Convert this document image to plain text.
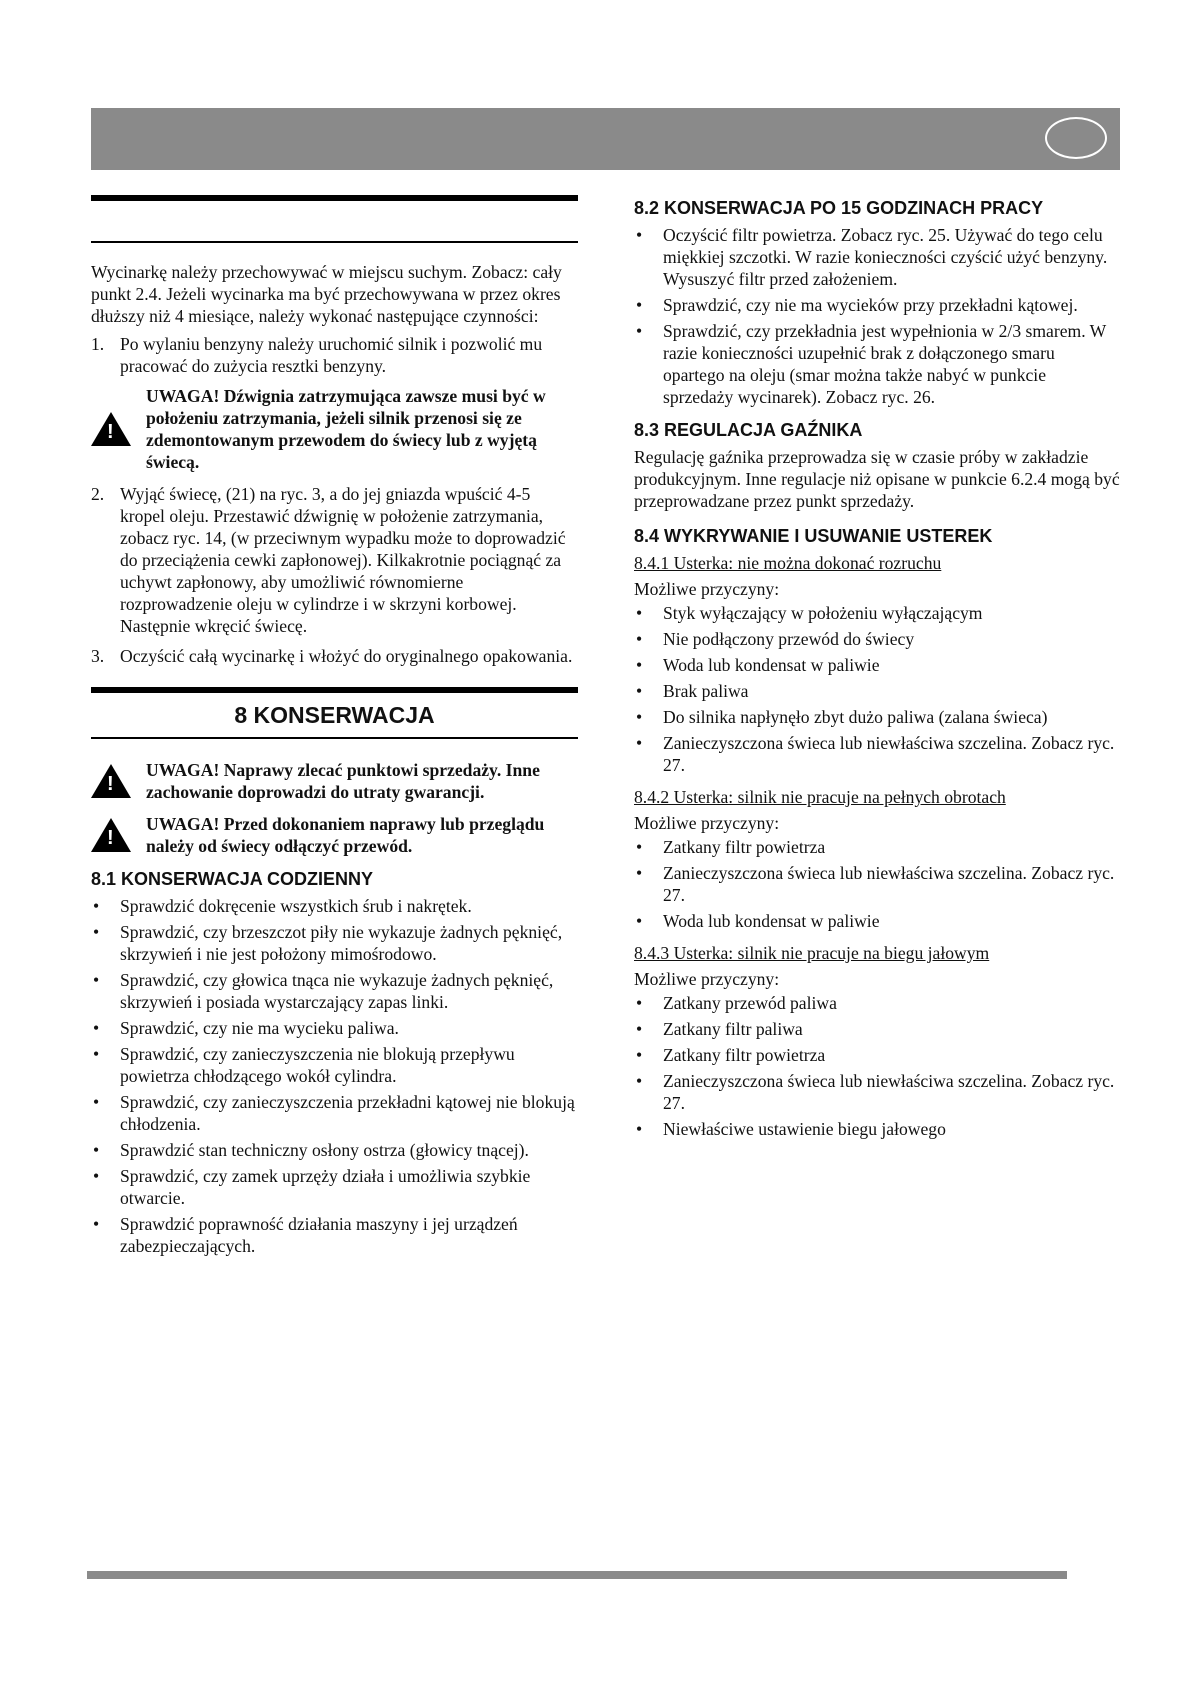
Wycinarkę należy przechowywać w miejscu suchym. Zobacz: cały punkt 2.4. Jeżeli wycinarka ma być przechowywana w przez okres dłuższy niż 4 miesiące, należy wykonać następujące czynności:

1. Po wylaniu benzyny należy uruchomić silnik i pozwolić mu pracować do zużycia resztki benzyny.
!
UWAGA! Dźwignia zatrzymująca zawsze musi być w położeniu zatrzymania, jeżeli silnik przenosi się ze zdemontowanym przewodem do świecy lub z wyjętą świecą.
2. Wyjąć świecę, (21) na ryc. 3, a do jej gniazda wpuścić 4-5 kropel oleju. Przestawić dźwignię w położenie zatrzymania, zobacz ryc. 14, (w przeciwnym wypadku może to doprowadzić do przeciążenia cewki zapłonowej). Kilkakrotnie pociągnąć za uchywt zapłonowy, aby umożliwić równomierne rozprowadzenie oleju w cylindrze i w skrzyni korbowej. Następnie wkręcić świecę.
3. Oczyścić całą wycinarkę i włożyć do oryginalnego opakowania.
8 KONSERWACJA
!
UWAGA! Naprawy zlecać punktowi sprzedaży. Inne zachowanie doprowadzi do utraty gwarancji.
!
UWAGA! Przed dokonaniem naprawy lub przeglądu należy od świecy odłączyć przewód.
8.1 KONSERWACJA CODZIENNY
• Sprawdzić dokręcenie wszystkich śrub i nakrętek.
• Sprawdzić, czy brzeszczot piły nie wykazuje żadnych pęknięć, skrzywień i nie jest położony mimośrodowo.
• Sprawdzić, czy głowica tnąca nie wykazuje żadnych pęknięć, skrzywień i posiada wystarczający zapas linki.
• Sprawdzić, czy nie ma wycieku paliwa.
• Sprawdzić, czy zanieczyszczenia nie blokują przepływu powietrza chłodzącego wokół cylindra.
• Sprawdzić, czy zanieczyszczenia przekładni kątowej nie blokują chłodzenia.
• Sprawdzić stan techniczny osłony ostrza (głowicy tnącej).
• Sprawdzić, czy zamek uprzęży działa i umożliwia szybkie otwarcie.
• Sprawdzić poprawność działania maszyny i jej urządzeń zabezpieczających.
8.2 KONSERWACJA PO 15 GODZINACH PRACY
• Oczyścić filtr powietrza. Zobacz ryc. 25. Używać do tego celu miękkiej szczotki. W razie konieczności czyścić użyć benzyny. Wysuszyć filtr przed założeniem.
• Sprawdzić, czy nie ma wycieków przy przekładni kątowej.
• Sprawdzić, czy przekładnia jest wypełnionia w 2/3 smarem. W razie konieczności uzupełnić brak z dołączonego smaru opartego na oleju (smar można także nabyć w punkcie sprzedaży wycinarek). Zobacz ryc. 26.
8.3 REGULACJA GAŹNIKA

Regulację gaźnika przeprowadza się w czasie próby w zakładzie produkcyjnym. Inne regulacje niż opisane w punkcie 6.2.4 mogą być przeprowadzane przez punkt sprzedaży.

8.4 WYKRYWANIE I USUWANIE USTEREK

8.4.1 Usterka: nie można dokonać rozruchu

Możliwe przyczyny:

• Styk wyłączający w położeniu wyłączającym
• Nie podłączony przewód do świecy
• Woda lub kondensat w paliwie
• Brak paliwa
• Do silnika napłynęło zbyt dużo paliwa (zalana świeca)
• Zanieczyszczona świeca lub niewłaściwa szczelina. Zobacz ryc. 27.

8.4.2 Usterka: silnik nie pracuje na pełnych obrotach

Możliwe przyczyny:

• Zatkany filtr powietrza
• Zanieczyszczona świeca lub niewłaściwa szczelina. Zobacz ryc. 27.
• Woda lub kondensat w paliwie

8.4.3 Usterka: silnik nie pracuje na biegu jałowym

Możliwe przyczyny:

• Zatkany przewód paliwa
• Zatkany filtr paliwa
• Zatkany filtr powietrza
• Zanieczyszczona świeca lub niewłaściwa szczelina. Zobacz ryc. 27.
• Niewłaściwe ustawienie biegu jałowego
